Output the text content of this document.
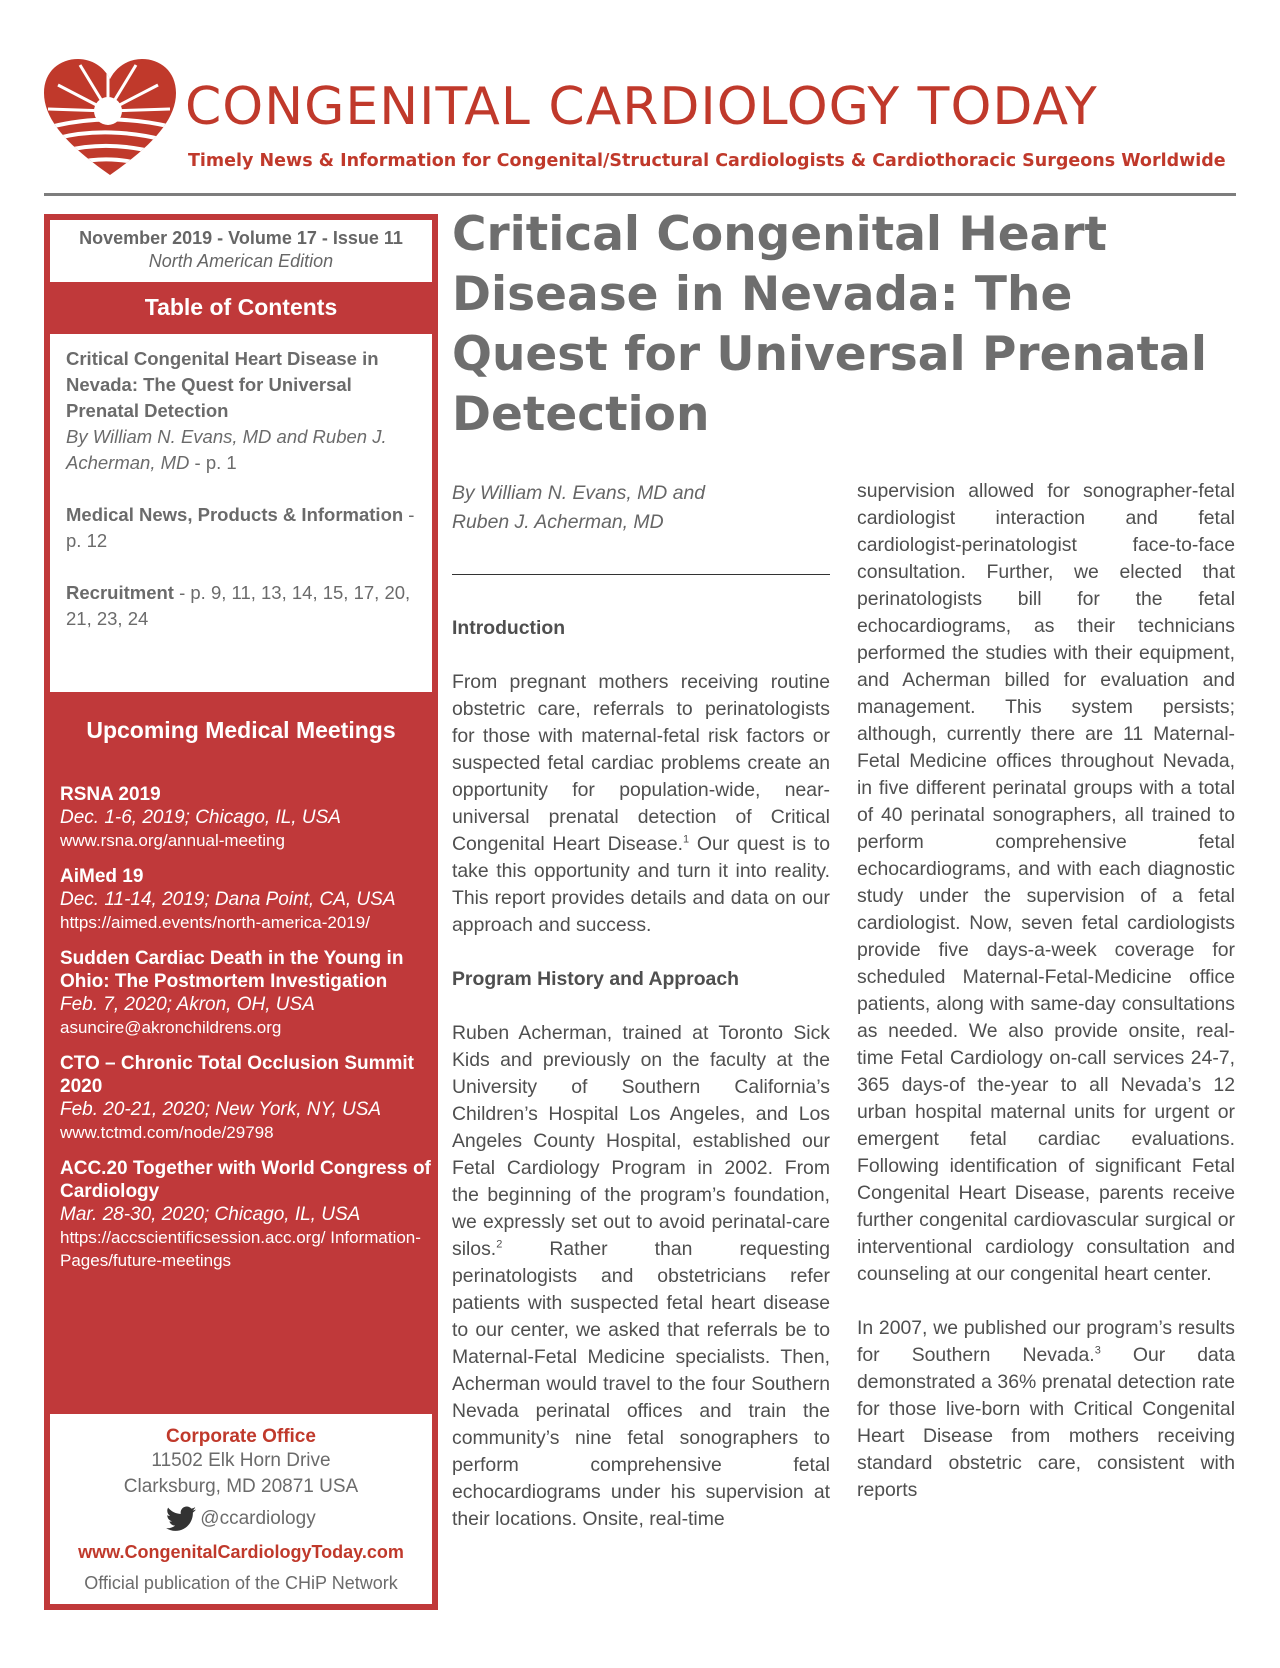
CONGENITAL CARDIOLOGY TODAY

Timely News & Information for Congenital/Structural Cardiologists & Cardiothoracic Surgeons Worldwide

November 2019 - Volume 17 - Issue 11
North American Edition
Table of Contents
Critical Congenital Heart Disease in Nevada: The Quest for Universal Prenatal Detection
By William N. Evans, MD and Ruben J. Acherman, MD - p. 1
Medical News, Products & Information - p. 12
Recruitment - p. 9, 11, 13, 14, 15, 17, 20, 21, 23, 24
Upcoming Medical Meetings
RSNA 2019
Dec. 1-6, 2019; Chicago, IL, USA
www.rsna.org/annual-meeting
AiMed 19
Dec. 11-14, 2019; Dana Point, CA, USA
https://aimed.events/north-america-2019/
Sudden Cardiac Death in the Young in Ohio: The Postmortem Investigation
Feb. 7, 2020; Akron, OH, USA
asuncire@akronchildrens.org
CTO – Chronic Total Occlusion Summit 2020
Feb. 20-21, 2020; New York, NY, USA
www.tctmd.com/node/29798
ACC.20 Together with World Congress of Cardiology
Mar. 28-30, 2020; Chicago, IL, USA
https://accscientificsession.acc.org/ Information-Pages/future-meetings
Corporate Office
11502 Elk Horn Drive
Clarksburg, MD 20871 USA
@ccardiology
www.CongenitalCardiologyToday.com
Official publication of the CHiP Network
Critical Congenital Heart Disease in Nevada: The Quest for Universal Prenatal Detection
By William N. Evans, MD and
Ruben J. Acherman, MD

Introduction

From pregnant mothers receiving routine obstetric care, referrals to perinatologists for those with maternal-fetal risk factors or suspected fetal cardiac problems create an opportunity for population-wide, near-universal prenatal detection of Critical Congenital Heart Disease.$^1$ Our quest is to take this opportunity and turn it into reality. This report provides details and data on our approach and success.

Program History and Approach

Ruben Acherman, trained at Toronto Sick Kids and previously on the faculty at the University of Southern California’s Children’s Hospital Los Angeles, and Los Angeles County Hospital, established our Fetal Cardiology Program in 2002. From the beginning of the program’s foundation, we expressly set out to avoid perinatal-care silos.$^2$ Rather than requesting perinatologists and obstetricians refer patients with suspected fetal heart disease to our center, we asked that referrals be to Maternal-Fetal Medicine specialists. Then, Acherman would travel to the four Southern Nevada perinatal offices and train the community’s nine fetal sonographers to perform comprehensive fetal echocardiograms under his supervision at their locations. Onsite, real-time

supervision allowed for sonographer-fetal cardiologist interaction and fetal cardiologist-perinatologist face-to-face consultation. Further, we elected that perinatologists bill for the fetal echocardiograms, as their technicians performed the studies with their equipment, and Acherman billed for evaluation and management. This system persists; although, currently there are 11 Maternal-Fetal Medicine offices throughout Nevada, in five different perinatal groups with a total of 40 perinatal sonographers, all trained to perform comprehensive fetal echocardiograms, and with each diagnostic study under the supervision of a fetal cardiologist. Now, seven fetal cardiologists provide five days-a-week coverage for scheduled Maternal-Fetal-Medicine office patients, along with same-day consultations as needed. We also provide onsite, real-time Fetal Cardiology on-call services 24-7, 365 days-of the-year to all Nevada’s 12 urban hospital maternal units for urgent or emergent fetal cardiac evaluations. Following identification of significant Fetal Congenital Heart Disease, parents receive further congenital cardiovascular surgical or interventional cardiology consultation and counseling at our congenital heart center.

In 2007, we published our program’s results for Southern Nevada.$^3$ Our data demonstrated a 36% prenatal detection rate for those live-born with Critical Congenital Heart Disease from mothers receiving standard obstetric care, consistent with reports
